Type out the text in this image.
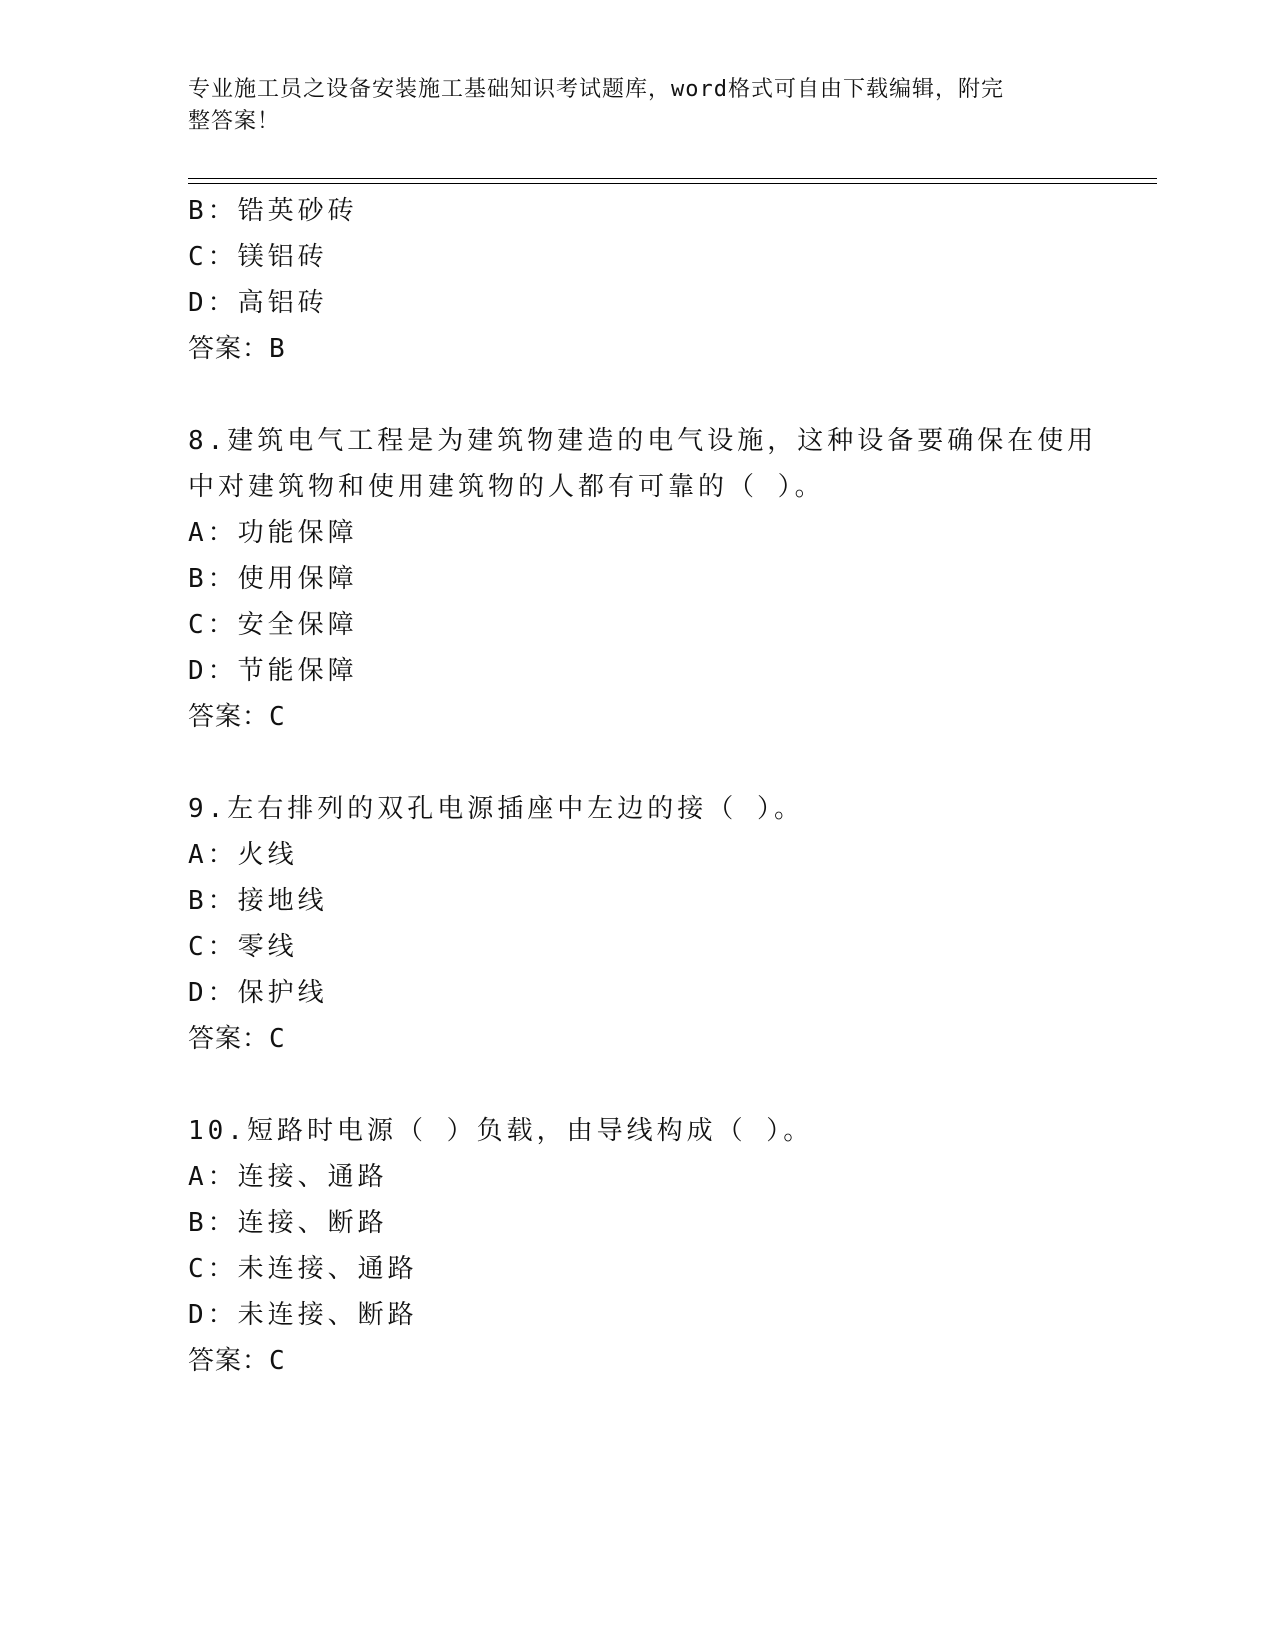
专业施工员之设备安装施工基础知识考试题库，word格式可自由下载编辑，附完
整答案！
B：锆英砂砖
C：镁铝砖
D：高铝砖
答案：B
8.建筑电气工程是为建筑物建造的电气设施，这种设备要确保在使用
中对建筑物和使用建筑物的人都有可靠的（ ）。
A：功能保障
B：使用保障
C：安全保障
D：节能保障
答案：C
9.左右排列的双孔电源插座中左边的接（ ）。
A：火线
B：接地线
C：零线
D：保护线
答案：C
10.短路时电源（ ）负载，由导线构成（ ）。
A：连接、通路
B：连接、断路
C：未连接、通路
D：未连接、断路
答案：C
